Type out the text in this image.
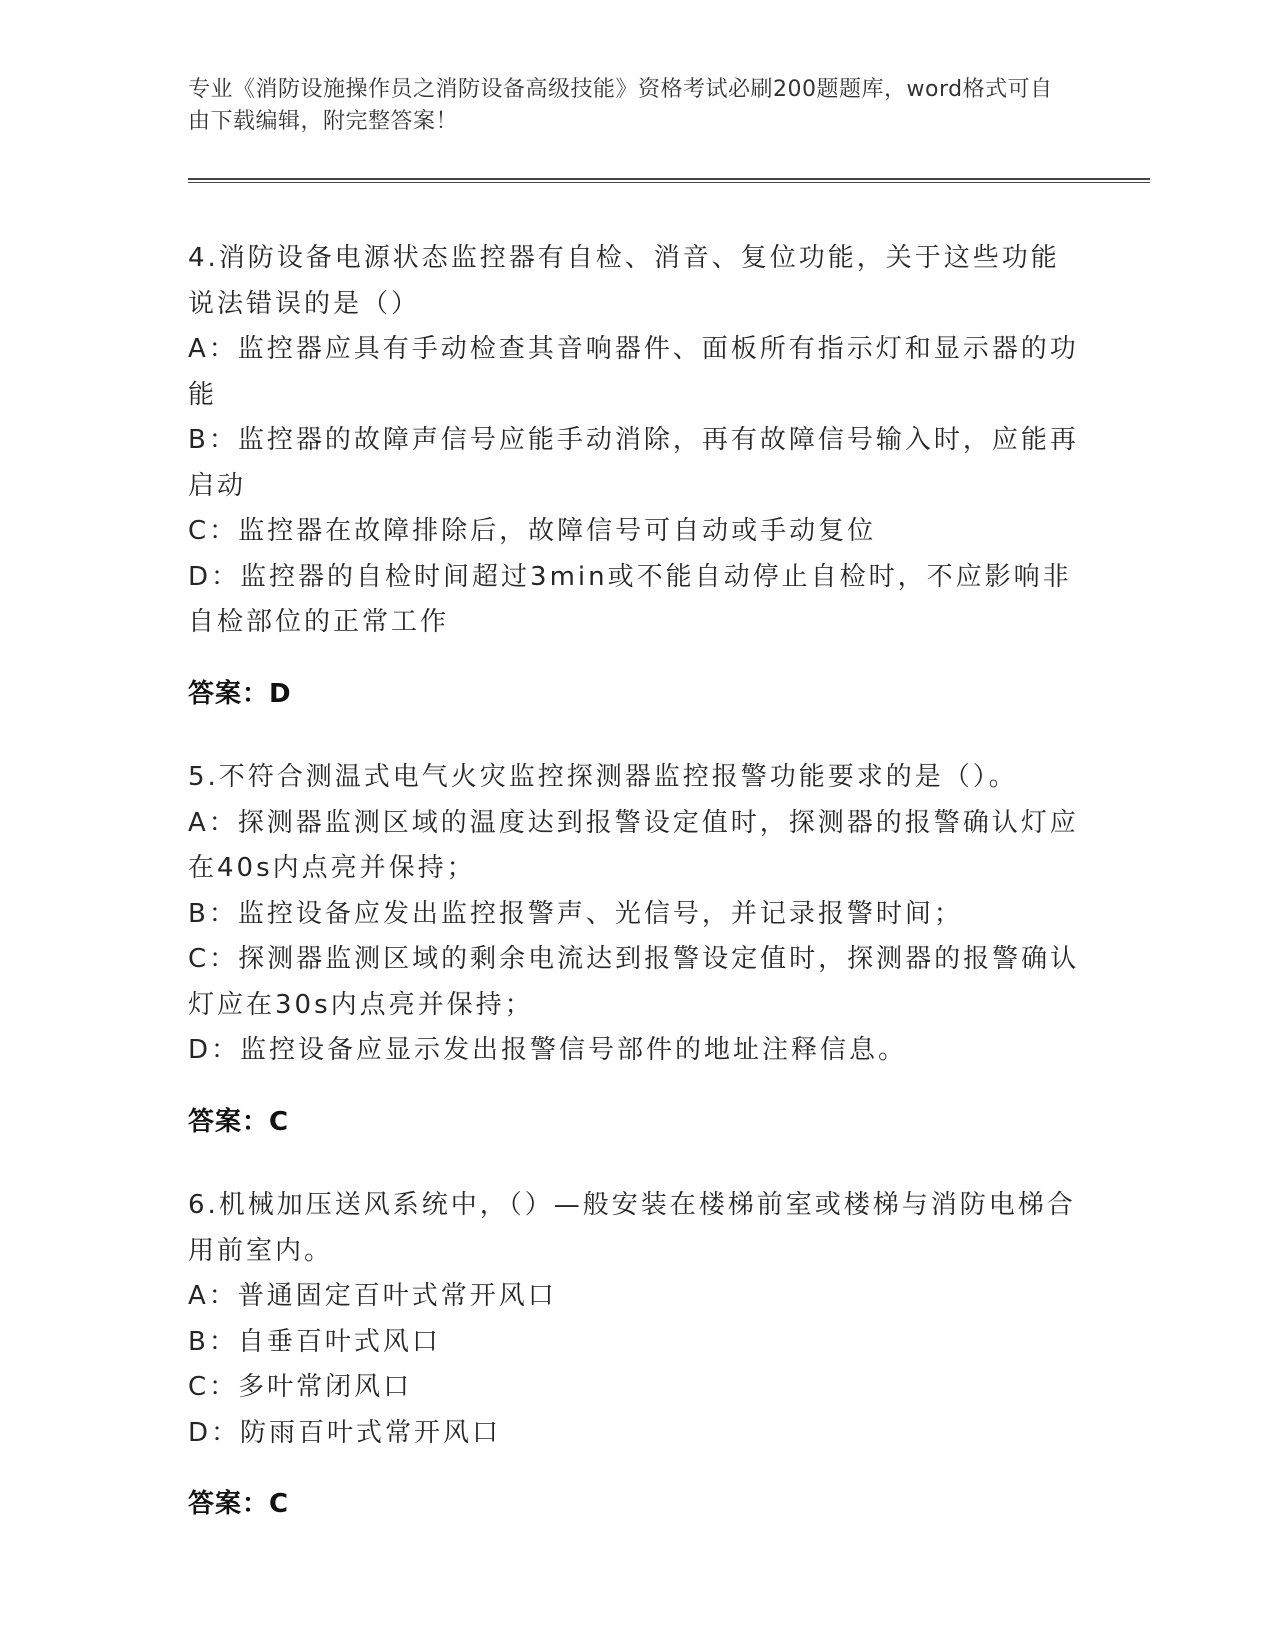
专业《消防设施操作员之消防设备高级技能》资格考试必刷200题题库，word格式可自由下载编辑，附完整答案！

4.消防设备电源状态监控器有自检、消音、复位功能，关于这些功能说法错误的是（）

A：监控器应具有手动检查其音响器件、面板所有指示灯和显示器的功能

B：监控器的故障声信号应能手动消除，再有故障信号输入时，应能再启动

C：监控器在故障排除后，故障信号可自动或手动复位

D：监控器的自检时间超过3min或不能自动停止自检时，不应影响非自检部位的正常工作

答案：D

5.不符合测温式电气火灾监控探测器监控报警功能要求的是（）。

A：探测器监测区域的温度达到报警设定值时，探测器的报警确认灯应在40s内点亮并保持；

B：监控设备应发出监控报警声、光信号，并记录报警时间；

C：探测器监测区域的剩余电流达到报警设定值时，探测器的报警确认灯应在30s内点亮并保持；

D：监控设备应显示发出报警信号部件的地址注释信息。

答案：C

6.机械加压送风系统中，（）—般安装在楼梯前室或楼梯与消防电梯合用前室内。

A：普通固定百叶式常开风口

B：自垂百叶式风口

C：多叶常闭风口

D：防雨百叶式常开风口

答案：C
